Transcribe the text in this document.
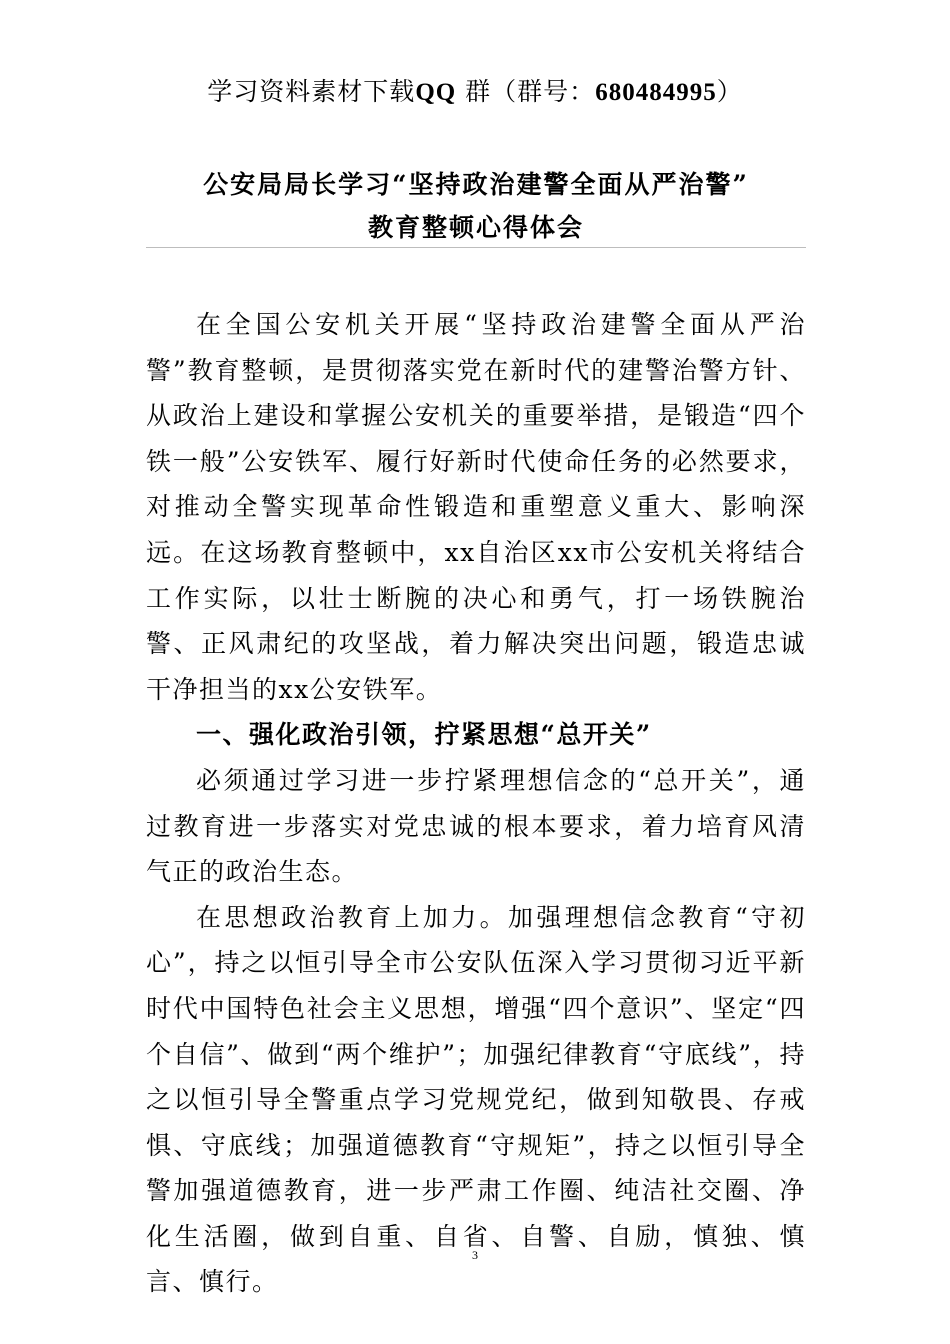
学习资料素材下载QQ 群（群号：680484995）
公安局局长学习“坚持政治建警全面从严治警”
教育整顿心得体会

在全国公安机关开展“坚持政治建警全面从严治警”教育整顿，是贯彻落实党在新时代的建警治警方针、从政治上建设和掌握公安机关的重要举措，是锻造“四个铁一般”公安铁军、履行好新时代使命任务的必然要求，对推动全警实现革命性锻造和重塑意义重大、影响深远。在这场教育整顿中，xx自治区xx市公安机关将结合工作实际，以壮士断腕的决心和勇气，打一场铁腕治警、正风肃纪的攻坚战，着力解决突出问题，锻造忠诚干净担当的xx公安铁军。

一、强化政治引领，拧紧思想“总开关”

必须通过学习进一步拧紧理想信念的“总开关”，通过教育进一步落实对党忠诚的根本要求，着力培育风清气正的政治生态。

在思想政治教育上加力。加强理想信念教育“守初心”，持之以恒引导全市公安队伍深入学习贯彻习近平新时代中国特色社会主义思想，增强“四个意识”、坚定“四个自信”、做到“两个维护”；加强纪律教育“守底线”，持之以恒引导全警重点学习党规党纪，做到知敬畏、存戒惧、守底线；加强道德教育“守规矩”，持之以恒引导全警加强道德教育，进一步严肃工作圈、纯洁社交圈、净化生活圈，做到自重、自省、自警、自励，慎独、慎言、慎行。

3
